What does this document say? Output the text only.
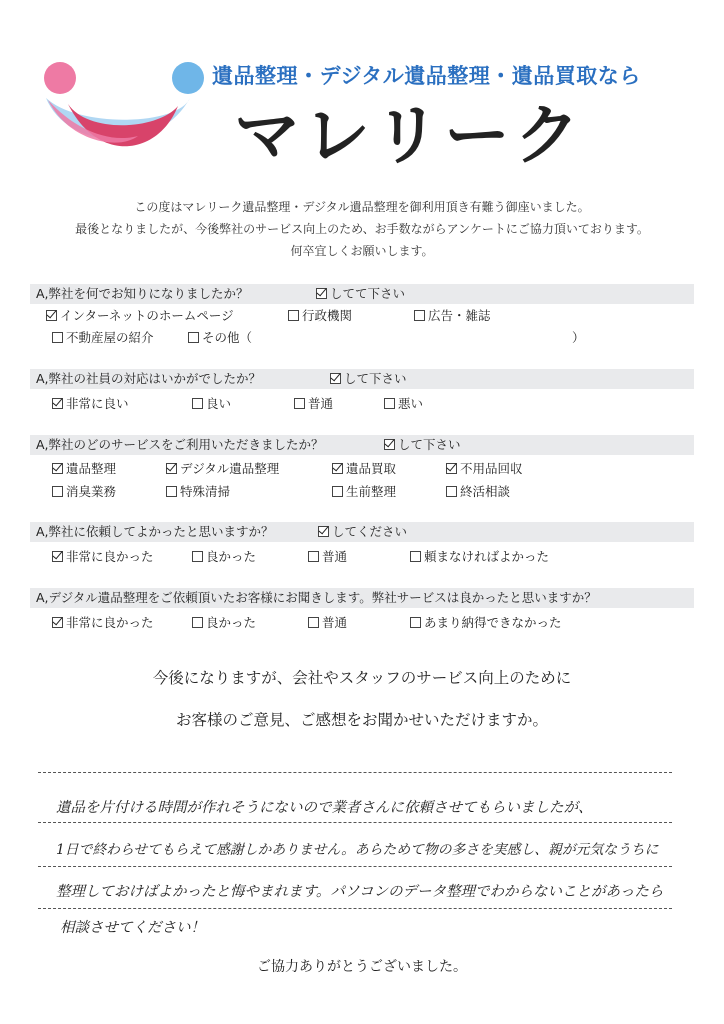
遺品整理・デジタル遺品整理・遺品買取なら
マレリーク
この度はマレリーク遺品整理・デジタル遺品整理を御利用頂き有難う御座いました。
最後となりましたが、今後弊社のサービス向上のため、お手数ながらアンケートにご協力頂いております。
何卒宜しくお願いします。
A,弊社を何でお知りになりましたか？	してて下さい
インターネットのホームページ	行政機関	広告・雑誌
不動産屋の紹介	その他（	）
A,弊社の社員の対応はいかがでしたか？	して下さい
非常に良い	良い	普通	悪い
A,弊社のどのサービスをご利用いただきましたか？	して下さい
遺品整理	デジタル遺品整理	遺品買取	不用品回収
消臭業務	特殊清掃	生前整理	終活相談
A,弊社に依頼してよかったと思いますか？	してください
非常に良かった	良かった	普通	頼まなければよかった
A,デジタル遺品整理をご依頼頂いたお客様にお聞きします。弊社サービスは良かったと思いますか？
非常に良かった	良かった	普通	あまり納得できなかった
今後になりますが、会社やスタッフのサービス向上のために
お客様のご意見、ご感想をお聞かせいただけますか。
遺品を片付ける時間が作れそうにないので業者さんに依頼させてもらいましたが、
1日で終わらせてもらえて感謝しかありません。あらためて物の多さを実感し、親が元気なうちに
整理しておけばよかったと悔やまれます。パソコンのデータ整理でわからないことがあったら
相談させてください！
ご協力ありがとうございました。
